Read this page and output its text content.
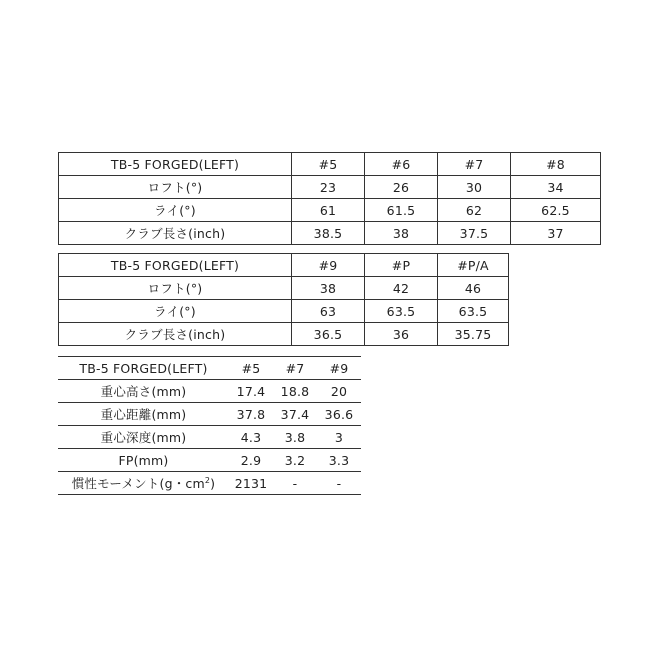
TB-5 FORGED(LEFT)	#5	#6	#7	#8
ロフト(°)	23	26	30	34
ライ(°)	61	61.5	62	62.5
クラブ長さ(inch)	38.5	38	37.5	37
TB-5 FORGED(LEFT)	#9	#P	#P/A
ロフト(°)	38	42	46
ライ(°)	63	63.5	63.5
クラブ長さ(inch)	36.5	36	35.75
TB-5 FORGED(LEFT)	#5	#7	#9
重心高さ(mm)	17.4	18.8	20
重心距離(mm)	37.8	37.4	36.6
重心深度(mm)	4.3	3.8	3
FP(mm)	2.9	3.2	3.3
慣性モーメント(g・$cm^2$)	2131	-	-
